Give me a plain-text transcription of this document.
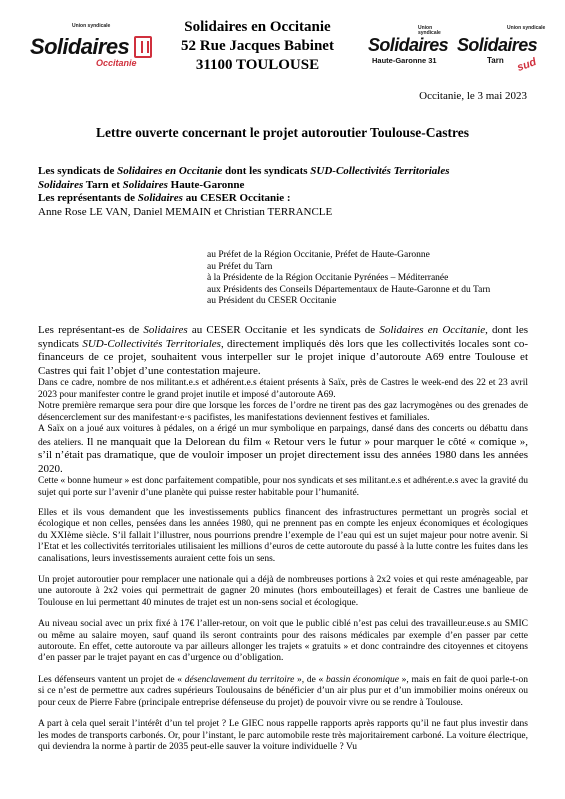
Union syndicale
Solidaires
Occitanie
Union syndicale
Solidaires
Haute-Garonne 31
Union syndicale
Solidaires
Tarn sud
Solidaires en Occitanie
52 Rue Jacques Babinet
31100 TOULOUSE
Occitanie, le 3 mai 2023
Lettre ouverte concernant le projet autoroutier Toulouse-Castres
Les syndicats de Solidaires en Occitanie dont les syndicats SUD-Collectivités Territoriales
Solidaires Tarn et Solidaires Haute-Garonne
Les représentants de Solidaires au CESER Occitanie :
Anne Rose LE VAN, Daniel MEMAIN et Christian TERRANCLE
au Préfet de la Région Occitanie, Préfet de Haute-Garonne
au Préfet du Tarn
à la Présidente de la Région Occitanie Pyrénées – Méditerranée
aux Présidents des Conseils Départementaux de Haute-Garonne et du Tarn
au Président du CESER Occitanie

Les représentant-es de Solidaires au CESER Occitanie et les syndicats de Solidaires en Occitanie, dont les syndicats SUD-Collectivités Territoriales, directement impliqués dès lors que les collectivités locales sont co-financeurs de ce projet, souhaitent vous interpeller sur le projet inique d’autoroute A69 entre Toulouse et Castres qui fait l’objet d’une contestation majeure.

Dans ce cadre, nombre de nos militant.e.s et adhérent.e.s étaient présents à Saïx, près de Castres le week-end des 22 et 23 avril 2023 pour manifester contre le grand projet inutile et imposé d’autoroute A69.

Notre première remarque sera pour dire que lorsque les forces de l’ordre ne tirent pas des gaz lacrymogènes ou des grenades de désencerclement sur des manifestant·e·s pacifistes, les manifestations deviennent festives et familiales.

A Saïx on a joué aux voitures à pédales, on a érigé un mur symbolique en parpaings, dansé dans des concerts ou débattu dans des ateliers. Il ne manquait que la Delorean du film « Retour vers le futur » pour marquer le côté « comique », s’il n’était pas dramatique, que de vouloir imposer un projet directement issu des années 1980 dans les années 2020.

Cette « bonne humeur » est donc parfaitement compatible, pour nos syndicats et ses militant.e.s et adhérent.e.s avec la gravité du sujet qui porte sur l’avenir d’une planète qui puisse rester habitable pour l’humanité.

Elles et ils vous demandent que les investissements publics financent des infrastructures permettant un progrès social et écologique et non celles, pensées dans les années 1980, qui ne prennent pas en compte les enjeux économiques et écologiques du XXIème siècle. S’il fallait l’illustrer, nous pourrions prendre l’exemple de l’eau qui est un sujet majeur pour notre avenir. Si l’Etat et les collectivités territoriales utilisaient les millions d’euros de cette autoroute du passé à la lutte contre les fuites dans les canalisations, leurs investissements auraient cette fois un sens.

Un projet autoroutier pour remplacer une nationale qui a déjà de nombreuses portions à 2x2 voies et qui reste aménageable, par une autoroute à 2x2 voies qui permettrait de gagner 20 minutes (hors embouteillages) et ferait de Castres une banlieue de Toulouse en lui permettant 40 minutes de trajet est un non-sens social et écologique.

Au niveau social avec un prix fixé à 17€ l’aller-retour, on voit que le public ciblé n’est pas celui des travailleur.euse.s au SMIC ou même au salaire moyen, sauf quand ils seront contraints pour des raisons médicales par exemple d’en passer par cette autoroute. En effet, cette autoroute va par ailleurs allonger les trajets « gratuits » et donc contraindre des citoyennes et citoyens d’en passer par le trajet payant en cas d’urgence ou d’obligation.

Les défenseurs vantent un projet de « désenclavement du territoire », de « bassin économique », mais en fait de quoi parle-t-on si ce n’est de permettre aux cadres supérieurs Toulousains de bénéficier d’un air plus pur et d’un immobilier moins onéreux ou pour ceux de Pierre Fabre (principale entreprise défenseuse du projet) de pouvoir vivre ou se rendre à Toulouse.

A part à cela quel serait l’intérêt d’un tel projet ? Le GIEC nous rappelle rapports après rapports qu’il ne faut plus investir dans les modes de transports carbonés. Or, pour l’instant, le parc automobile reste très majoritairement carboné. La voiture électrique, qui deviendra la norme à partir de 2035 peut-elle sauver la voiture individuelle ? Vu
